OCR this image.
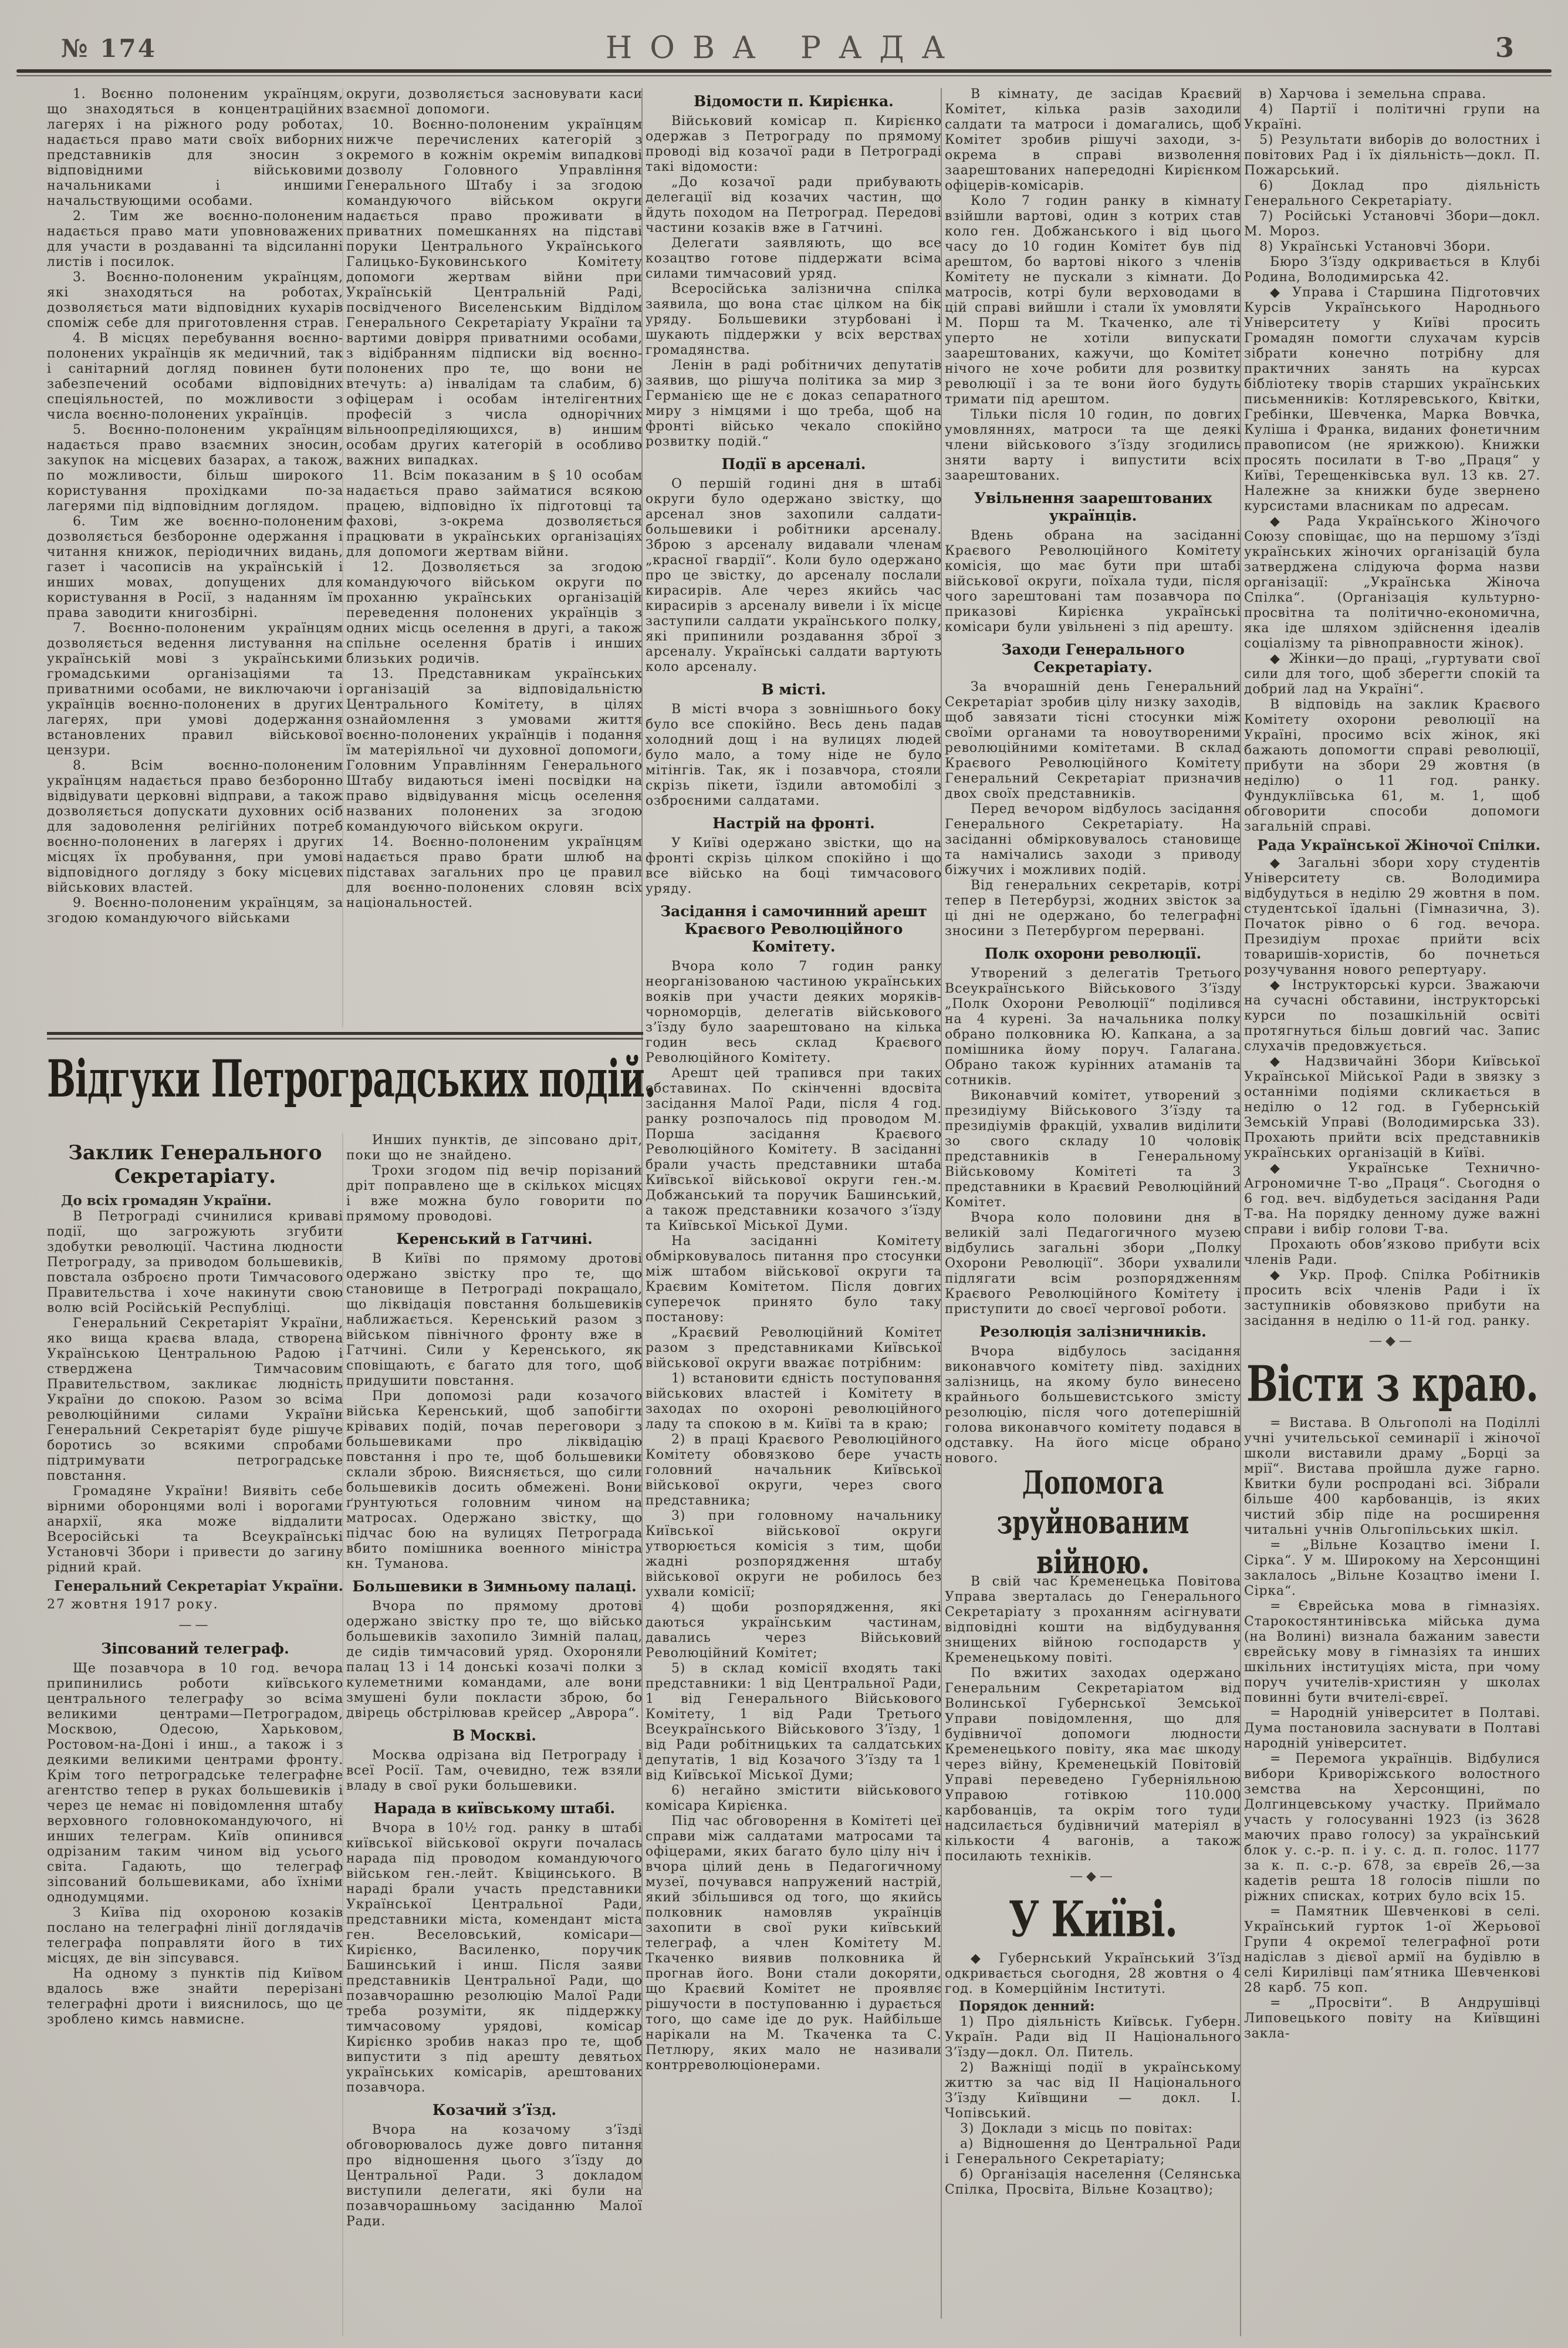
№ 174	НОВА РАДА	3
Відгуки Петроградських подій.
1. Воєнно полоненим українцям, що знаходяться в концентраційних лагерях і на ріжного роду роботах, надається право мати своїх виборних представників для зносин з відповідними військовими начальниками і иншими начальствующими особами.
2. Тим же воєнно-полоненим надається право мати уповноважених для участи в роздаванні та відсиланні листів і посилок.
3. Воєнно-полоненим українцям, які знаходяться на роботах, дозволяється мати відповідних кухарів споміж себе для приготовлення страв.
4. В місцях перебування воєнно-полонених українців як медичний, так і санітарний догляд повинен бути забезпечений особами відповідних спеціяльностей, по можливости з числа воєнно-полонених українців.
5. Воєнно-полоненим українцям надається право взаємних зносин, закупок на місцевих базарах, а також, по можливости, більш широкого користування прохідками по-за лагерями під відповідним доглядом.
6. Тим же воєнно-полоненим дозволяється безборонне одержання і читання книжок, періодичних видань, газет і часописів на українській і инших мовах, допущених для користування в Росії, з наданням їм права заводити книгозбірні.
7. Воєнно-полоненим українцям дозволяється ведення листування на українській мові з українськими громадськими організаціями та приватними особами, не виключаючи і українців воєнно-полонених в других лагерях, при умові додержання встановлених правил військової цензури.
8. Всім воєнно-полоненим українцям надається право безборонно відвідувати церковні відправи, а також дозволяється допускати духовних осіб для задоволення релігійних потреб воєнно-полонених в лагерях і других місцях їх пробування, при умові відповідного догляду з боку місцевих військових властей.
9. Воєнно-полоненим українцям, за згодою командуючого військами
Заклик Генерального Секретаріату.
До всіх громадян України.
В Петрограді счинилися криваві події, що загрожують згубити здобутки революції. Частина людности Петрограду, за приводом большевиків, повстала озброєно проти Тимчасового Правительства і хоче накинути свою волю всій Російській Республіці.
Генеральний Секретаріят України, яко вища краєва влада, створена Українською Центральною Радою і стверджена Тимчасовим Правительством, закликає людність України до спокою. Разом зо всіма революційними силами України Генеральний Секретаріят буде рішуче боротись зо всякими спробами підтримувати петроградське повстання.
Громадяне України! Виявіть себе вірними оборонцями волі і ворогами анархії, яка може віддалити Всеросійські та Всеукраїнські Установчі Збори і привести до загину рідний край.
Генеральний Секретаріат України.
27 жовтня 1917 року.
——
Зіпсований телеграф.
Ще позавчора в 10 год. вечора припинились роботи київського центрального телеграфу зо всіма великими центрами—Петроградом, Москвою, Одесою, Харьковом, Ростовом-на-Доні і инш., а також і з деякими великими центрами фронту. Крім того петроградське телеграфне агентство тепер в руках большевиків і через це немає ні повідомлення штабу верховного головнокомандуючого, ні инших телеграм. Київ опинився одрізаним таким чином від усього світа. Гадають, що телеграф зіпсований большевиками, або їхніми однодумцями.
З Київа під охороною козаків послано на телеграфні лінії доглядачів телеграфа поправляти його в тих місцях, де він зіпсувався.
На одному з пунктів під Київом вдалось вже знайти перерізані телеграфні дроти і вияснилось, що це зроблено кимсь навмисне.
округи, дозволяється засновувати каси взаємної допомоги.
10. Воєнно-полоненим українцям нижче перечислених категорій з окремого в кожнім окремім випадкові дозволу Головного Управління Генерального Штабу і за згодою командуючого військом округи надається право проживати в приватних помешканнях на підставі поруки Центрального Українського Галицько-Буковинського Комітету допомоги жертвам війни при Українській Центральній Раді, посвідченого Виселенським Відділом Генерального Секретаріату України та вартими довірря приватними особами, з відібранням підписки від воєнно-полонених про те, що вони не втечуть: а) інвалідам та слабим, б) офіцерам і особам інтелігентних професій з числа однорічних вільноопреділяющихся, в) иншим особам других категорій в особливо важних випадках.
11. Всім показаним в § 10 особам надається право займатися всякою працею, відповідно їх підготовці та фахові, з-окрема дозволяється працювати в українських організаціях для допомоги жертвам війни.
12. Дозволяється за згодою командуючого військом округи по проханню українських організацій переведення полонених українців з одних місць оселення в другі, а також спільне оселення братів і инших близьких родичів.
13. Представникам українських організацій за відповідальністю Центрального Комітету, в цілях ознайомлення з умовами життя воєнно-полонених українців і подання їм матеріяльної чи духовної допомоги, Головним Управлінням Генерального Штабу видаються імені посвідки на право відвідування місць оселення названих полонених за згодою командуючого військом округи.
14. Воєнно-полоненим українцям надається право брати шлюб на підставах загальних про це правил для воєнно-полонених словян всіх національностей.
Инших пунктів, де зіпсовано дріт, поки що не знайдено.
Трохи згодом під вечір порізаний дріт поправлено ще в скількох місцях і вже можна було говорити по прямому проводові.
Керенський в Гатчині.
В Київі по прямому дротові одержано звістку про те, що становище в Петрограді покращало, що ліквідація повстання большевиків наближається. Керенський разом з військом північного фронту вже в Гатчині. Сили у Керенського, як сповіщають, є багато для того, щоб придушити повстання.
При допомозі ради козачого війська Керенський, щоб запобігти крівавих подій, почав переговори з большевиками про ліквідацію повстання і про те, щоб большевики склали зброю. Виясняється, що сили большевиків досить обмежені. Вони ґрунтуються головним чином на матросах. Одержано звістку, що підчас бою на вулицях Петрограда вбито помішника военного міністра кн. Туманова.
Большевики в Зимньому палаці.
Вчора по прямому дротові одержано звістку про те, що військо большевиків захопило Зимній палац, де сидів тимчасовий уряд. Охороняли палац 13 і 14 донські козачі полки з кулеметними командами, але вони змушені були покласти зброю, бо двірець обстрілював крейсер „Аврора“.
В Москві.
Москва одрізана від Петрограду і всеї Росії. Там, очевидно, теж взяли владу в свої руки большевики.
Нарада в київському штабі.
Вчора в 10½ год. ранку в штабі київської військової округи почалась нарада під проводом командуючого військом ген.-лейт. Квіцинського. В нараді брали участь представники Української Центральної Ради, представники міста, комендант міста ген. Веселовський, комісари—Кирієнко, Василенко, поручик Башинський і инш. Після заяви представників Центральної Ради, що позавчорашню резолюцію Малої Ради треба розуміти, як піддержку тимчасовому урядові, комісар Кирієнко зробив наказ про те, щоб випустити з під арешту девятьох українських комісарів, арештованих позавчора.
Козачий з’їзд.
Вчора на козачому з’їзді обговорювалось дуже довго питання про відношення цього з’їзду до Центральної Ради. З докладом виступили делегати, які були на позавчорашньому засіданню Малої Ради.
Відомости п. Кирієнка.
Військовий комісар п. Кирієнко одержав з Петрограду по прямому проводі від козачої ради в Петрограді такі відомости:
„До козачої ради прибувають делегації від козачих частин, що йдуть походом на Петроград. Передові частини козаків вже в Гатчині.
Делегати заявляють, що все козацтво готове піддержати всіма силами тимчасовий уряд.
Всеросійська залізнична спілка заявила, що вона стає цілком на бік уряду. Большевики зтурбовані і шукають піддержки у всіх верствах громадянства.
Ленін в раді робітничих депутатів заявив, що рішуча політика за мир з Германією ще не є доказ сепаратного миру з німцями і що треба, щоб на фронті військо чекало спокійно розвитку подій.“
Події в арсеналі.
О першій годині дня в штабі округи було одержано звістку, що арсенал знов захопили салдати-большевики і робітники арсеналу. Зброю з арсеналу видавали членам „красної гвардії“. Коли було одержано про це звістку, до арсеналу послали кирасирів. Але через якийсь час кирасирів з арсеналу вивели і їх місце заступили салдати українського полку, які припинили роздавання зброї з арсеналу. Українські салдати вартують коло арсеналу.
В місті.
В місті вчора з зовнішнього боку було все спокійно. Весь день падав холодний дощ і на вулицях людей було мало, а тому ніде не було мітінгів. Так, як і позавчора, стояли скрізь пікети, їздили автомобілі з озброєними салдатами.
Настрій на фронті.
У Київі одержано звістки, що на фронті скрізь цілком спокійно і що все військо на боці тимчасового уряду.
Засідання і самочинний арешт Краєвого Революційного Комітету.
Вчора коло 7 годин ранку неорганізованою частиною українських вояків при участи деяких моряків-чорноморців, делегатів військового з’їзду було заарештовано на кілька годин весь склад Краєвого Революційного Комітету.
Арешт цей трапився при таких обставинах. По скінченні вдосвіта засідання Малої Ради, після 4 год. ранку розпочалось під проводом М. Порша засідання Краєвого Революційного Комітету. В засіданні брали участь представники штаба Київської військової округи ген.-м. Добжанський та поручик Башинський, а також представники козачого з’їзду та Київської Міської Думи.
На засіданні Комітету обмірковувалось питання про стосунки між штабом військової округи та Краєвим Комітетом. Після довгих суперечок принято було таку постанову:
„Краєвий Революційний Комітет разом з представниками Київської військової округи вважає потрібним:
1) встановити єдність поступовання військових властей і Комітету в заходах по охороні революційного ладу та спокою в м. Київі та в краю;
2) в праці Краєвого Революційного Комітету обовязково бере участь головний начальник Київської військової округи, через свого представника;
3) при головному начальнику Київської військової округи утворюється комісія з тим, щоби жадні розпорядження штабу військової округи не робилось без ухвали комісії;
4) щоби розпорядження, які даються українським частинам, давались через Військовий Революційний Комітет;
5) в склад комісії входять такі представники: 1 від Центральної Ради, 1 від Генерального Військового Комітету, 1 від Ради Третього Всеукраїнського Військового З’їзду, 1 від Ради робітницьких та салдатських депутатів, 1 від Козачого З’їзду та 1 від Київської Міської Думи;
6) негайно змістити військового комісара Кирієнка.
Під час обговорення в Комітеті цеї справи між салдатами матросами та офіцерами, яких багато було цілу ніч і вчора цілий день в Педагогичному музеї, почувався напружений настрій, який збільшився од того, що якийсь полковник намовляв українців захопити в свої руки київський телеграф, а член Комітету М. Ткаченко виявив полковника й прогнав його. Вони стали докоряти, що Краєвий Комітет не проявляє рішучости в поступованню і дурається того, що саме іде до рук. Найбільше нарікали на М. Ткаченка та С. Петлюру, яких мало не називали контрреволюціонерами.
В кімнату, де засідав Краєвий Комітет, кілька разів заходили салдати та матроси і домагались, щоб Комітет зробив рішучі заходи, з-окрема в справі визволення заарештованих напередодні Кирієнком офіцерів-комісарів.
Коло 7 годин ранку в кімнату взійшли вартові, один з котрих став коло ген. Добжанського і від цього часу до 10 годин Комітет був під арештом, бо вартові нікого з членів Комітету не пускали з кімнати. До матросів, котрі були верховодами в цій справі вийшли і стали їх умовляти М. Порш та М. Ткаченко, але ті уперто не хотіли випускати заарештованих, кажучи, що Комітет нічого не хоче робити для розвитку революції і за те вони його будуть тримати під арештом.
Тільки після 10 годин, по довгих умовляннях, матроси та ще деякі члени військового з’їзду згодились зняти варту і випустити всіх заарештованих.
Увільнення заарештованих українців.
Вдень обрана на засіданні Краєвого Революційного Комітету комісія, що має бути при штабі військової округи, поїхала туди, після чого зарештовані там позавчора по приказові Кирієнка українські комісари були увільнені з під арешту.
Заходи Генерального Секретаріату.
За вчорашній день Генеральний Секретаріат зробив цілу низку заходів, щоб завязати тісні стосунки між своїми органами та новоутвореними революційними комітетами. В склад Краєвого Революційного Комітету Генеральний Секретаріат призначив двох своїх представників.
Перед вечором відбулось засідання Генерального Секретаріату. На засіданні обмірковувалось становище та намічались заходи з приводу біжучих і можливих подій.
Від генеральних секретарів, котрі тепер в Петербурзі, жодних звісток за ці дні не одержано, бо телеграфні зносини з Петербургом перервані.
Полк охорони революції.
Утворений з делегатів Третього Всеукраїнського Військового З’їзду „Полк Охорони Революції“ поділився на 4 курені. За начальника полку обрано полковника Ю. Капкана, а за помішника йому поруч. Галагана. Обрано також курінних атаманів та сотників.
Виконавчий комітет, утворений з президіуму Військового З’їзду та президіумів фракцій, ухвалив виділити зо свого складу 10 чоловік представників в Генеральному Військовому Комітеті та 3 представники в Краєвий Революційний Комітет.
Вчора коло половини дня в великій залі Педагогичного музею відбулись загальні збори „Полку Охорони Революції“. Збори ухвалили підлягати всім розпорядженням Краєвого Революційного Комітету і приступити до своєї чергової роботи.
Резолюція залізничників.
Вчора відбулось засідання виконавчого комітету півд. західних залізниць, на якому було винесено крайнього большевистського змісту резолюцію, після чого дотеперішній голова виконавчого комітету подався в одставку. На його місце обрано нового.
Допомога зруйнованим війною.
В свій час Кременецька Повітова Управа зверталась до Генерального Секретаріату з проханням асігнувати відповідні кошти на відбудування знищених війною господарств у Кременецькому повіті.
По вжитих заходах одержано Генеральним Секретаріатом від Волинської Губернської Земської Управи повідомлення, що для будівничої допомоги людности Кременецького повіту, яка має шкоду через війну, Кременецькій Повітовій Управі переведено Губерніяльною Управою готівкою 110.000 карбованців, та окрім того туди надсилається будівничий матеріял в кількости 4 вагонів, а також посилають техніків.
—◆—
У Київі.
◆ Губернський Український З’їзд одкривається сьогодня, 28 жовтня о 4 год. в Комерційнім Інституті.
Порядок денний:
1) Про діяльність Київськ. Губерн. Україн. Ради від II Національного З’їзду—докл. Ол. Питель.
2) Важніщі події в українському життю за час від II Національного З’їзду Київщини — докл. І. Чопівський.
3) Доклади з місць по повітах:
а) Відношення до Центральної Ради і Генерального Секретаріату;
б) Організація населення (Селянська Спілка, Просвіта, Вільне Козацтво);
в) Харчова і земельна справа.
4) Партії і політичні групи на Україні.
5) Результати виборів до волостних і повітових Рад і їх діяльність—докл. П. Пожарський.
6) Доклад про діяльність Генерального Секретаріату.
7) Російські Установчі Збори—докл. М. Мороз.
8) Українські Установчі Збори.
Бюро З’їзду одкривається в Клубі Родина, Володимирська 42.
◆ Управа і Старшина Підготовчих Курсів Українського Народнього Університету у Київі просить Громадян помогти слухачам курсів зібрати конечно потрібну для практичних занять на курсах бібліотеку творів старших українських письменників: Котляревського, Квітки, Гребінки, Шевченка, Марка Вовчка, Куліша і Франка, виданих фонетичним правописом (не ярижкою). Книжки просять посилати в Т-во „Праця“ у Київі, Терещенківська вул. 13 кв. 27. Належне за книжки буде звернено курсистами власникам по адресам.
◆ Рада Українського Жіночого Союзу сповіщає, що на першому з’їзді українських жіночих організацій була затверджена слідуюча форма назви організації: „Українська Жіноча Спілка“. (Організація культурно-просвітна та політично-економична, яка іде шляхом здійснення ідеалів соціалізму та рівноправности жінок).
◆ Жінки—до праці, „гуртувати свої сили для того, щоб зберегти спокій та добрий лад на Україні“.
В відповідь на заклик Краєвого Комітету охорони революції на Україні, просимо всіх жінок, які бажають допомогти справі революції, прибути на збори 29 жовтня (в неділю) о 11 год. ранку. Фундукліївська 61, м. 1, щоб обговорити способи допомоги загальній справі.
Рада Української Жіночої Спілки.
◆ Загальні збори хору студентів Університету св. Володимира відбудуться в неділю 29 жовтня в пом. студентської їдальні (Гімназична, 3). Початок рівно о 6 год. вечора. Президіум прохає прийти всіх товаришів-хористів, бо почнеться розучування нового репертуару.
◆ Інструкторські курси. Зважаючи на сучасні обставини, інструкторські курси по позашкільній освіті протягнуться більш довгий час. Запис слухачів предовжується.
◆ Надзвичайні Збори Київської Української Мійської Ради в звязку з останніми подіями скликається в неділю о 12 год. в Губернській Земській Управі (Володимирська 33). Прохають прийти всіх представників українських організацій в Київі.
◆ Українське Технично-Агрономичне Т-во „Праця“. Сьогодня о 6 год. веч. відбудеться засідання Ради Т-ва. На порядку денному дуже важні справи і вибір голови Т-ва.
Прохають обов’язково прибути всіх членів Ради.
◆ Укр. Проф. Спілка Робітників просить всіх членів Ради і їх заступників обовязково прибути на засідання в неділю о 11-й год. ранку.
—◆—
Вісти з краю.
= Вистава. В Ольгополі на Поділлі учні учительської семинарії і жіночої школи виставили драму „Борці за мрії“. Вистава пройшла дуже гарно. Квитки були роспродані всі. Зібрали більше 400 карбованців, із яких чистий збір піде на росширення читальні учнів Ольгопільських шкіл.
= „Вільне Козацтво імени І. Сірка“. У м. Широкому на Херсонщині заклалось „Вільне Козацтво імени І. Сірка“.
= Єврейська мова в гімназіях. Старокостянтинівська мійська дума (на Волині) визнала бажаним завести єврейську мову в гімназіях та инших шкільних інституціях міста, при чому поруч учителів-християн у школах повинні бути вчителі-євреї.
= Народній університет в Полтаві. Дума постановила заснувати в Полтаві народній університет.
= Перемога українців. Відбулися вибори Криворіжського волостного земства на Херсонщині, по Долгинцевському участку. Приймало участь у голосуванні 1923 (із 3628 маючих право голосу) за український блок у. с.-р. п. і у. с. д. п. голос. 1177 за к. п. с.-р. 678, за євреїв 26,—за кадетів решта 18 голосів пішли по ріжних списках, котрих було всіх 15.
= Памятник Шевченкові в селі. Український гурток 1-ої Жерьової Групи 4 окремої телеграфної роти надіслав з дієвої армії на будівлю в селі Кирилівці пам’ятника Шевченкові 28 карб. 75 коп.
= „Просвіти“. В Андрушівці Липовецького повіту на Київщині закла-
